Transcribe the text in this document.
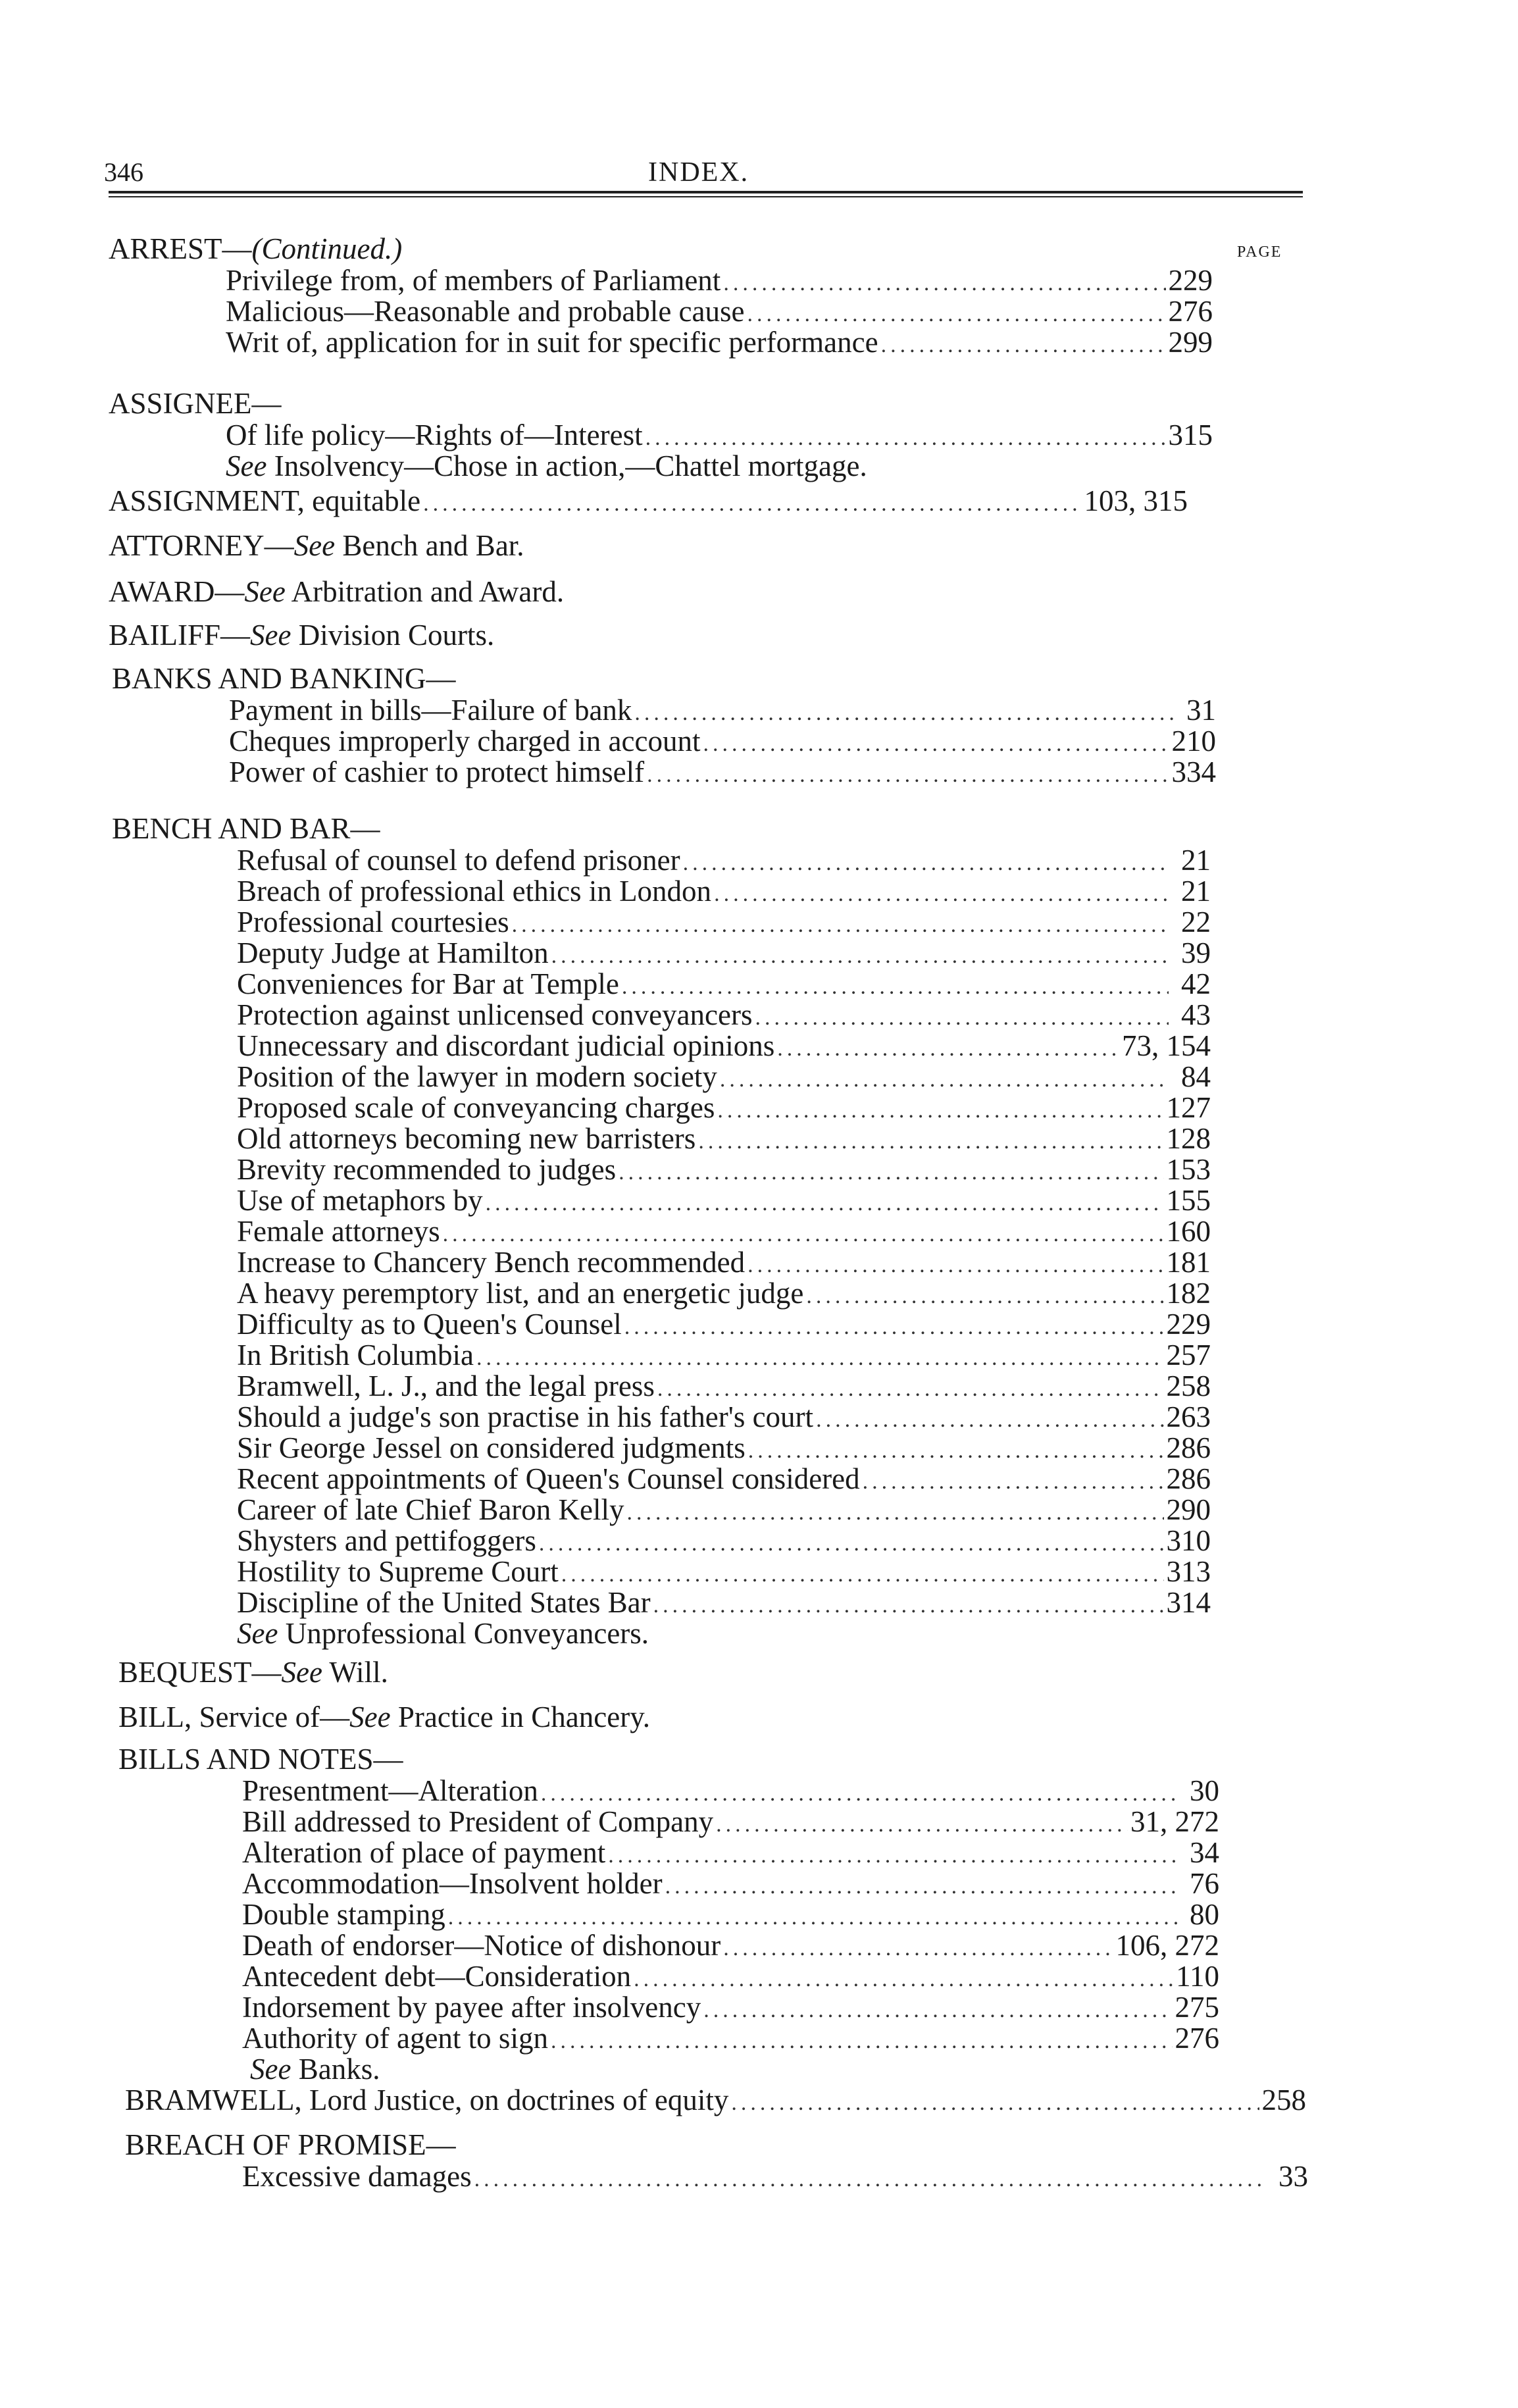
346	INDEX.
PAGE
ARREST—(Continued.)
Privilege from, of members of Parliament .....	229
Malicious—Reasonable and probable cause .....	276
Writ of, application for in suit for specific performance .....	299
ASSIGNEE—
Of life policy—Rights of—Interest .....	315
See Insolvency—Chose in action,—Chattel mortgage.
ASSIGNMENT, equitable .....	103, 315
ATTORNEY—See Bench and Bar.
AWARD—See Arbitration and Award.
BAILIFF—See Division Courts.
BANKS AND BANKING—
Payment in bills—Failure of bank .....	31
Cheques improperly charged in account .....	210
Power of cashier to protect himself .....	334
BENCH AND BAR—
Refusal of counsel to defend prisoner .....	21
Breach of professional ethics in London .....	21
Professional courtesies .....	22
Deputy Judge at Hamilton .....	39
Conveniences for Bar at Temple .....	42
Protection against unlicensed conveyancers .....	43
Unnecessary and discordant judicial opinions .....	73, 154
Position of the lawyer in modern society .....	84
Proposed scale of conveyancing charges .....	127
Old attorneys becoming new barristers .....	128
Brevity recommended to judges .....	153
Use of metaphors by .....	155
Female attorneys .....	160
Increase to Chancery Bench recommended .....	181
A heavy peremptory list, and an energetic judge .....	182
Difficulty as to Queen's Counsel .....	229
In British Columbia .....	257
Bramwell, L. J., and the legal press .....	258
Should a judge's son practise in his father's court .....	263
Sir George Jessel on considered judgments .....	286
Recent appointments of Queen's Counsel considered .....	286
Career of late Chief Baron Kelly .....	290
Shysters and pettifoggers .....	310
Hostility to Supreme Court .....	313
Discipline of the United States Bar .....	314
See Unprofessional Conveyancers.
BEQUEST—See Will.
BILL, Service of—See Practice in Chancery.
BILLS AND NOTES—
Presentment—Alteration .....	30
Bill addressed to President of Company .....	31, 272
Alteration of place of payment .....	34
Accommodation—Insolvent holder .....	76
Double stamping .....	80
Death of endorser—Notice of dishonour .....	106, 272
Antecedent debt—Consideration .....	110
Indorsement by payee after insolvency .....	275
Authority of agent to sign .....	276
See Banks.
BRAMWELL, Lord Justice, on doctrines of equity .....	258
BREACH OF PROMISE—
Excessive damages .....	33
